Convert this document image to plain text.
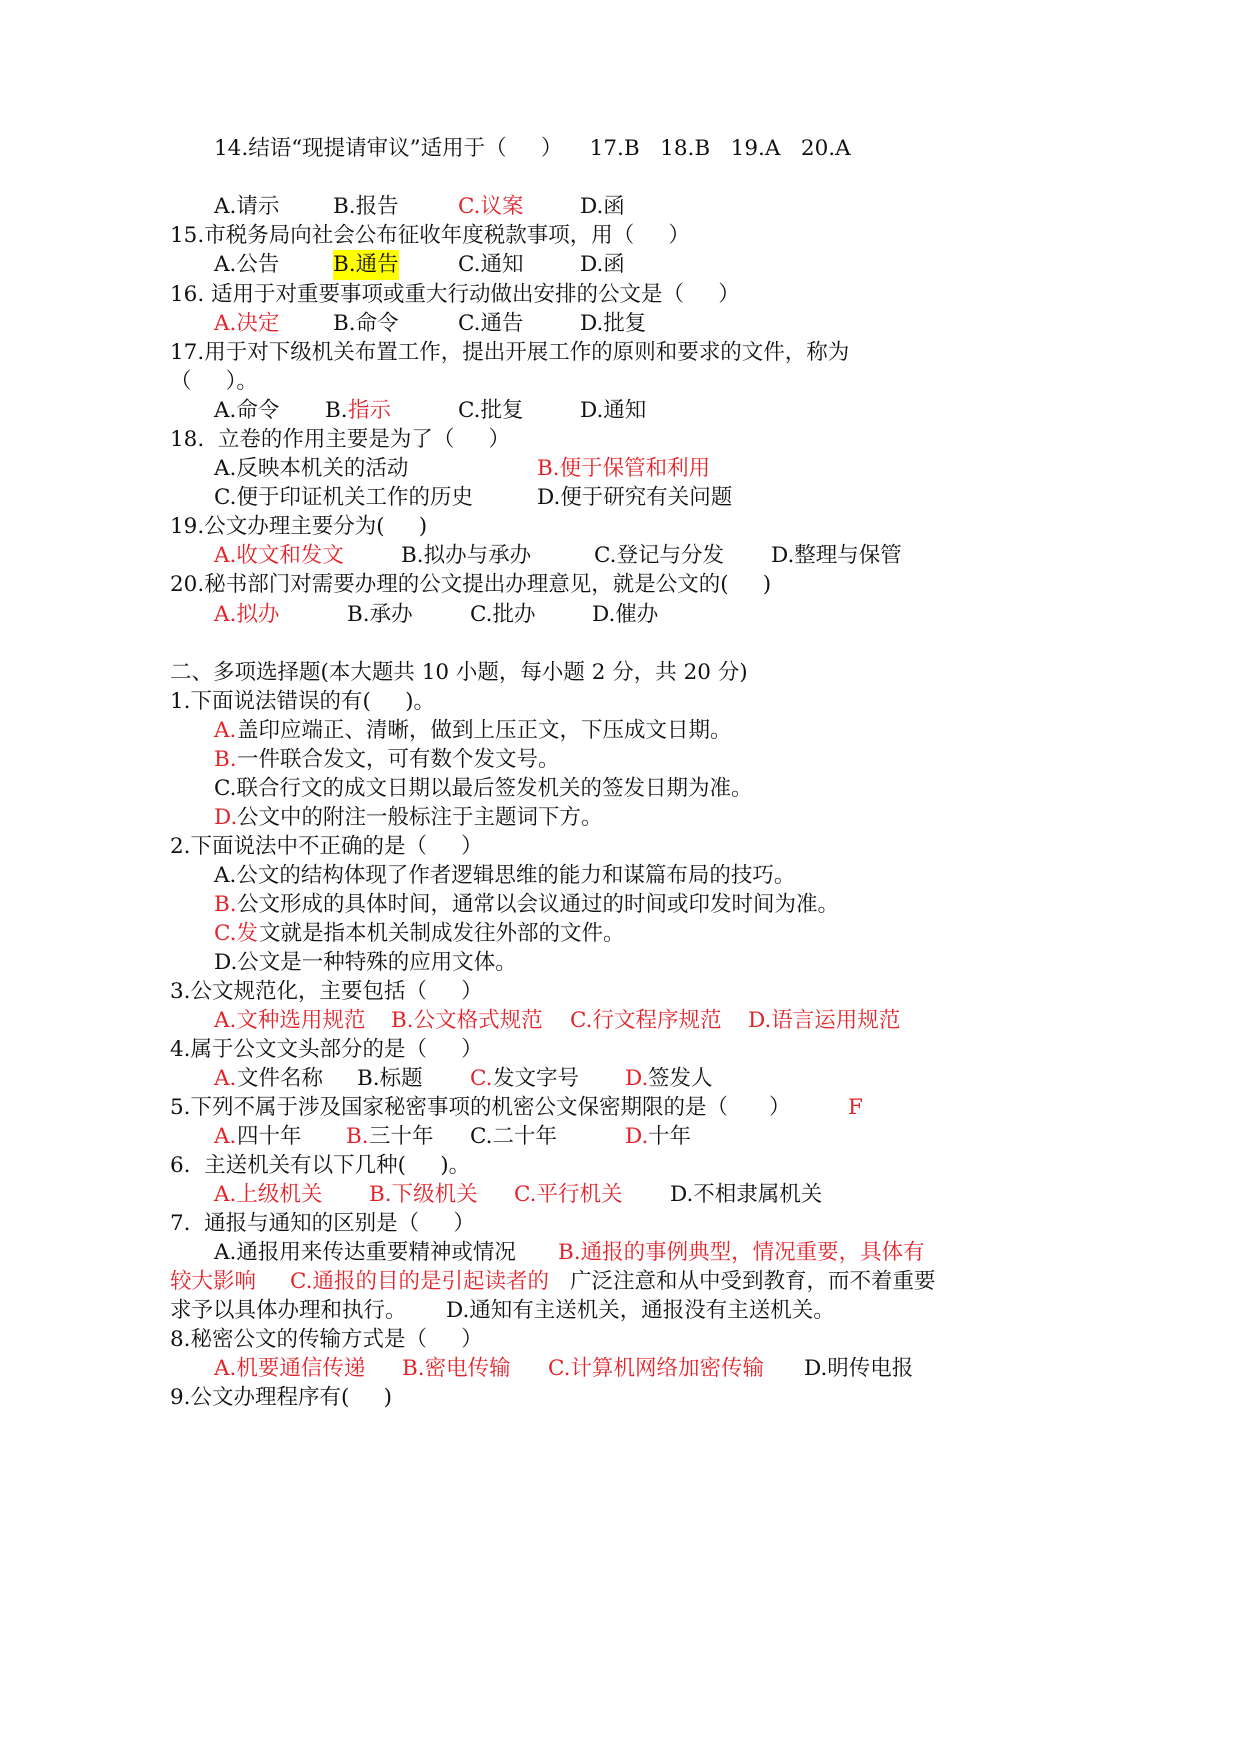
14.结语“现提请审议”适用于（     ）    17.B   18.B   19.A   20.A
A.请示 B.报告	C.议案	D.函
15.市税务局向社会公布征收年度税款事项，用（     ）
A.公告 B.通告	C.通知	D.函
16. 适用于对重要事项或重大行动做出安排的公文是（     ）
A.决定 B.命令	C.通告	D.批复
17.用于对下级机关布置工作，提出开展工作的原则和要求的文件，称为
（     ）。
A.命令 B. 指示	C.批复	D.通知
18.  立卷的作用主要是为了（     ）
A.反映本机关的活动	B.便于保管和利用
C.便于印证机关工作的历史	D.便于研究有关问题
19.公文办理主要分为(     )
A.收文和发文	B.拟办与承办	C.登记与分发 D.整理与保管
20.秘书部门对需要办理的公文提出办理意见，就是公文的(     )
A.拟办	B.承办	C.批办	D.催办
二、多项选择题(本大题共 10 小题，每小题 2 分，共 20 分)
1.下面说法错误的有(     )。
A. 盖印应端正、清晰，做到上压正文，下压成文日期。
B. 一件联合发文，可有数个发文号。
C.联合行文的成文日期以最后签发机关的签发日期为准。
D. 公文中的附注一般标注于主题词下方。
2.下面说法中不正确的是（     ）
A.公文的结构体现了作者逻辑思维的能力和谋篇布局的技巧。
B. 公文形成的具体时间，通常以会议通过的时间或印发时间为准。
C.发 文就是指本机关制成发往外部的文件。
D.公文是一种特殊的应用文体。
3.公文规范化，主要包括（     ）
A.文种选用规范 B.公文格式规范 C.行文程序规范 D.语言运用规范
4.属于公文文头部分的是（     ）
A. 文件名称 B.标题 C. 发文字号 D. 签发人
5.下列不属于涉及国家秘密事项的机密公文保密期限的是（      ）	F
A. 四十年 B. 三十年 C.二十年	D. 十年
6.  主送机关有以下几种(     )。
A.上级机关 B.下级机关 C.平行机关 D.不相隶属机关
7.  通报与通知的区别是（     ）
A.通报用来传达重要精神或情况 B.通报的事例典型，情况重要，具体有
较大影响 C.通报的目的是引起读者的 广泛注意和从中受到教育，而不着重要
求予以具体办理和执行。 D.通知有主送机关，通报没有主送机关。
8.秘密公文的传输方式是（     ）
A.机要通信传递 B.密电传输 C.计算机网络加密传输 D.明传电报
9.公文办理程序有(     )
